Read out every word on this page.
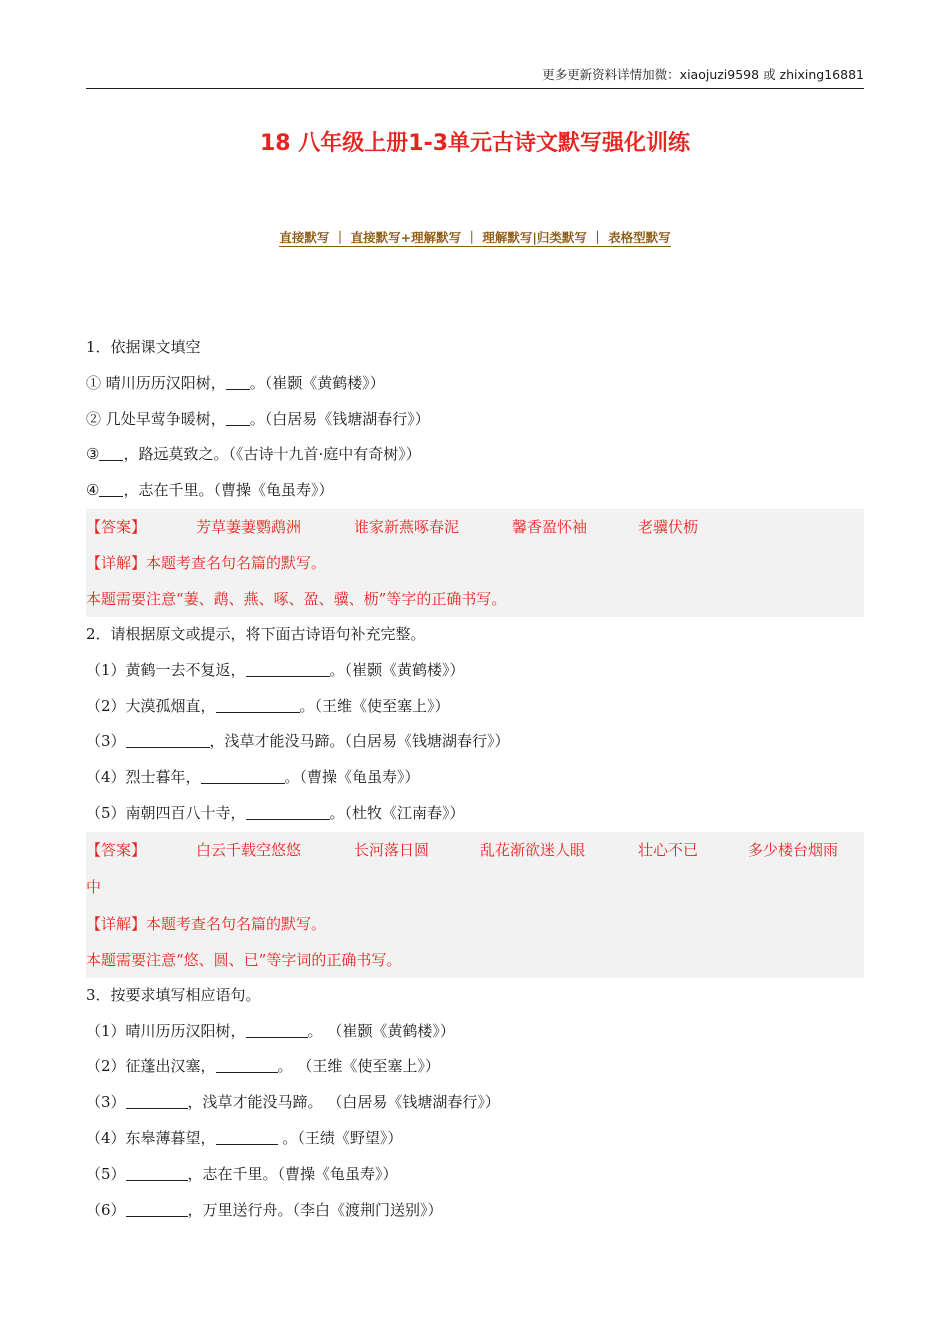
更多更新资料详情加微：xiaojuzi9598 或 zhixing16881
18 八年级上册1-3单元古诗文默写强化训练
直接默写 ｜ 直接默写+理解默写 ｜ 理解默写|归类默写 ｜ 表格型默写
1．依据课文填空
① 晴川历历汉阳树， 。（崔颢《黄鹤楼》）
② 几处早莺争暖树， 。（白居易《钱塘湖春行》）
③ ，路远莫致之。（《古诗十九首·庭中有奇树》）
④ ，志在千里。（曹操《龟虽寿》）
【答案】	芳草萋萋鹦鹉洲	谁家新燕啄春泥	馨香盈怀袖	老骥伏枥
【详解】本题考查名句名篇的默写。
本题需要注意“萋、鹉、燕、啄、盈、骥、枥”等字的正确书写。
2．请根据原文或提示，将下面古诗语句补充完整。
（1）黄鹤一去不复返，	。（崔颢《黄鹤楼》）
（2）大漠孤烟直，	。（王维《使至塞上》）
（3）	，浅草才能没马蹄。（白居易《钱塘湖春行》）
（4）烈士暮年，	。（曹操《龟虽寿》）
（5）南朝四百八十寺，	。（杜牧《江南春》）
【答案】	白云千载空悠悠	长河落日圆	乱花渐欲迷人眼	壮心不已	多少楼台烟雨
中
【详解】本题考查名句名篇的默写。
本题需要注意“悠、圆、已”等字词的正确书写。
3．按要求填写相应语句。
（1）晴川历历汉阳树，	。 （崔颢《黄鹤楼》）
（2）征蓬出汉塞，	。 （王维《使至塞上》）
（3）	，浅草才能没马蹄。 （白居易《钱塘湖春行》）
（4）东皋薄暮望，	。（王绩《野望》）
（5）	，志在千里。（曹操《龟虽寿》）
（6）	，万里送行舟。（李白《渡荆门送别》）
